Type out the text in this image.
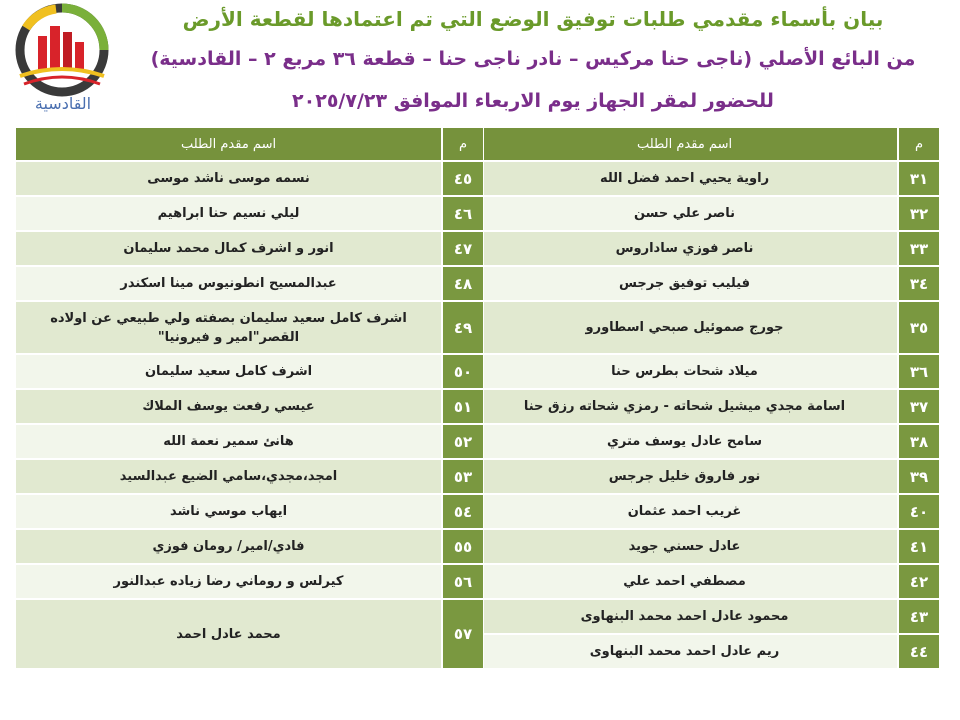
بيان بأسماء مقدمي طلبات توفيق الوضع التي تم اعتمادها لقطعة الأرض
من البائع الأصلي (ناجى حنا مركيس – نادر ناجى حنا – قطعة ٣٦ مربع ٢ – القادسية)
للحضور لمقر الجهاز يوم الاربعاء الموافق ٢٠٢٥/٧/٢٣
القادسية
م
اسم مقدم الطلب
٣١
راوية يحيي احمد فضل الله
٣٢
ناصر علي حسن
٣٣
ناصر فوزي ساداروس
٣٤
فيليب توفيق جرجس
٣٥
جورج صموئيل صبحي اسطاورو
٣٦
ميلاد شحات بطرس حنا
٣٧
اسامة مجدي ميشيل شحاته - رمزي شحاته رزق حنا
٣٨
سامح عادل يوسف متري
٣٩
نور فاروق خليل جرجس
٤٠
غريب احمد عثمان
٤١
عادل حسني جويد
٤٢
مصطفي احمد علي
٤٣
محمود عادل احمد محمد البنهاوى
٤٤
ريم عادل احمد محمد البنهاوى
م
اسم مقدم الطلب
٤٥
نسمه موسى ناشد موسى
٤٦
ليلي نسيم حنا ابراهيم
٤٧
انور و اشرف كمال محمد سليمان
٤٨
عبدالمسيح انطونيوس مينا اسكندر
٤٩
اشرف كامل سعيد سليمان بصفته ولي طبيعي عن اولاده القصر"امير و فيرونيا"
٥٠
اشرف كامل سعيد سليمان
٥١
عيسي رفعت يوسف الملاك
٥٢
هانئ سمير نعمة الله
٥٣
امجد،مجدي،سامي الضيع عبدالسيد
٥٤
ايهاب موسي ناشد
٥٥
فادي/امير/ رومان فوزي
٥٦
كيرلس و روماني رضا زياده عبدالنور
٥٧
محمد عادل احمد
